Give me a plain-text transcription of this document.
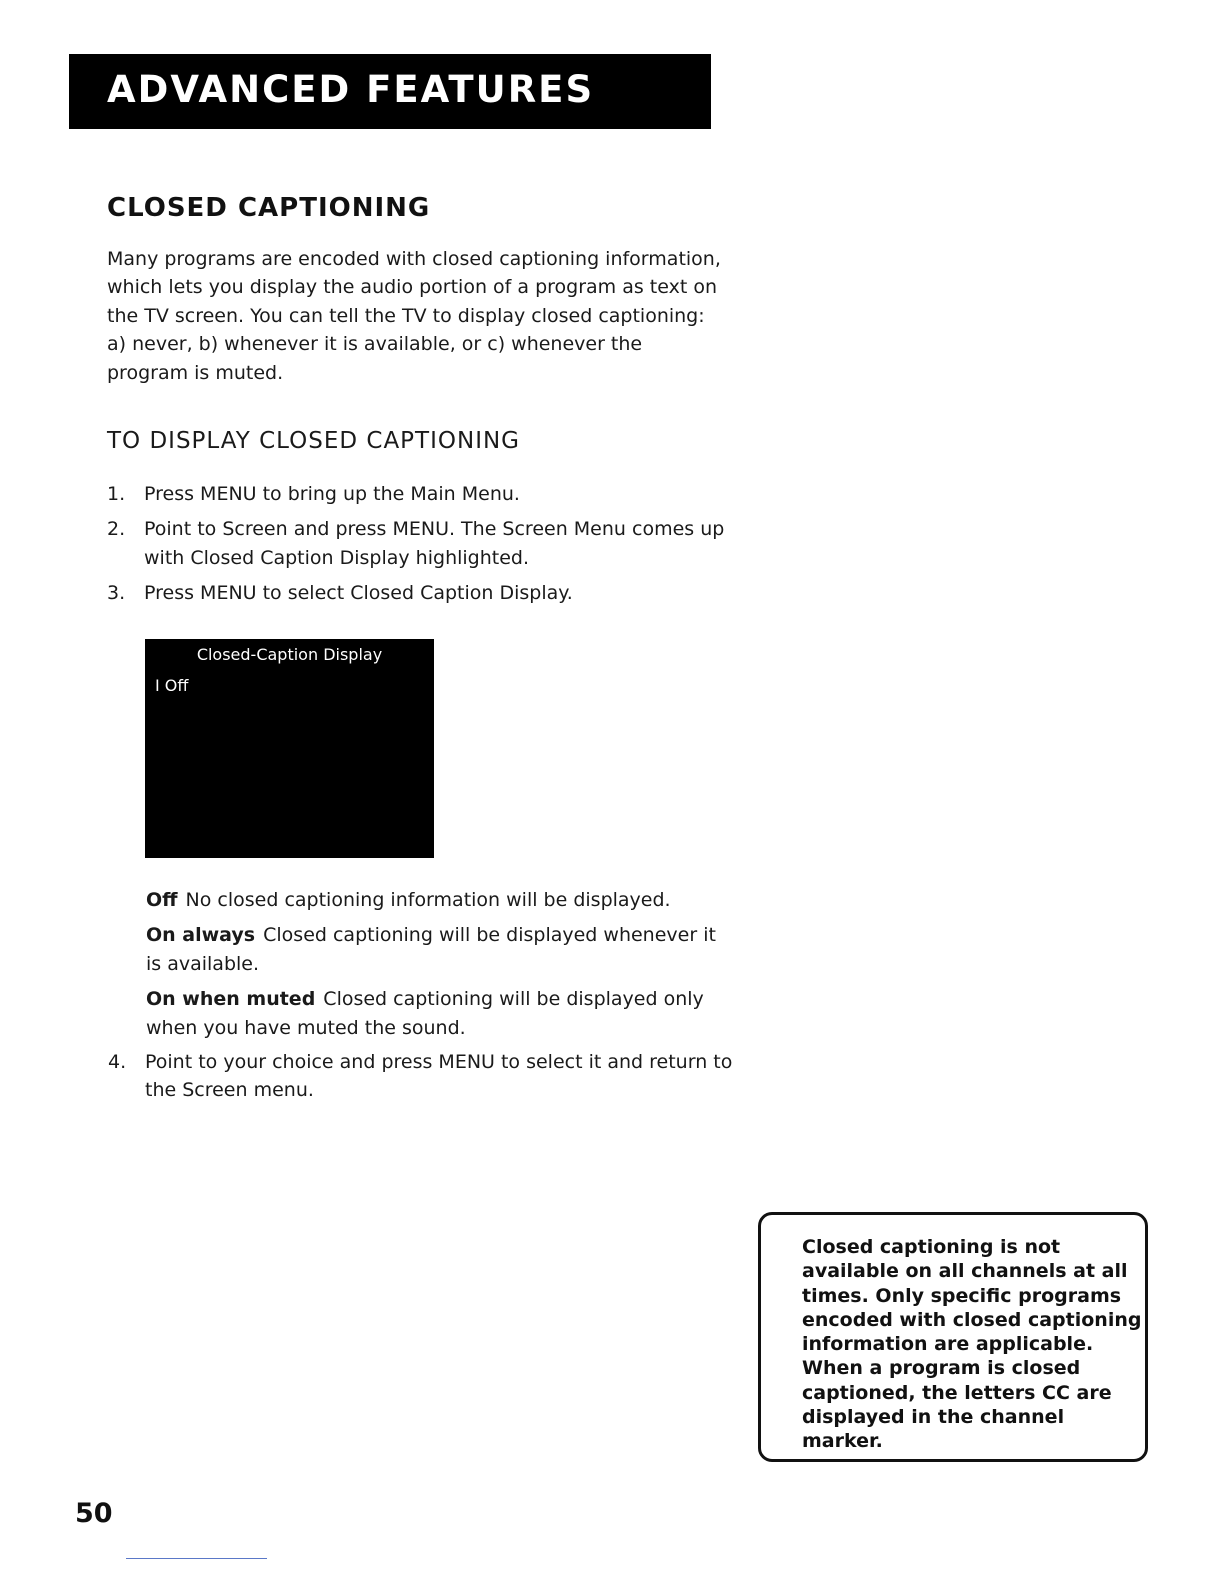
ADVANCED FEATURES
CLOSED CAPTIONING

Many programs are encoded with closed captioning information, which lets you display the audio portion of a program as text on the TV screen. You can tell the TV to display closed captioning: a) never, b) whenever it is available, or c) whenever the program is muted.

TO DISPLAY CLOSED CAPTIONING
1. Press MENU to bring up the Main Menu.
2. Point to Screen and press MENU. The Screen Menu comes up with Closed Caption Display highlighted.
3. Press MENU to select Closed Caption Display.
Closed-Caption Display
I Off
Off No closed captioning information will be displayed.
On always Closed captioning will be displayed whenever it is available.
On when muted Closed captioning will be displayed only when you have muted the sound.
4. Point to your choice and press MENU to select it and return to the Screen menu.
Closed captioning is not available on all channels at all times. Only specific programs encoded with closed captioning information are applicable. When a program is closed captioned, the letters CC are displayed in the channel marker.
50
